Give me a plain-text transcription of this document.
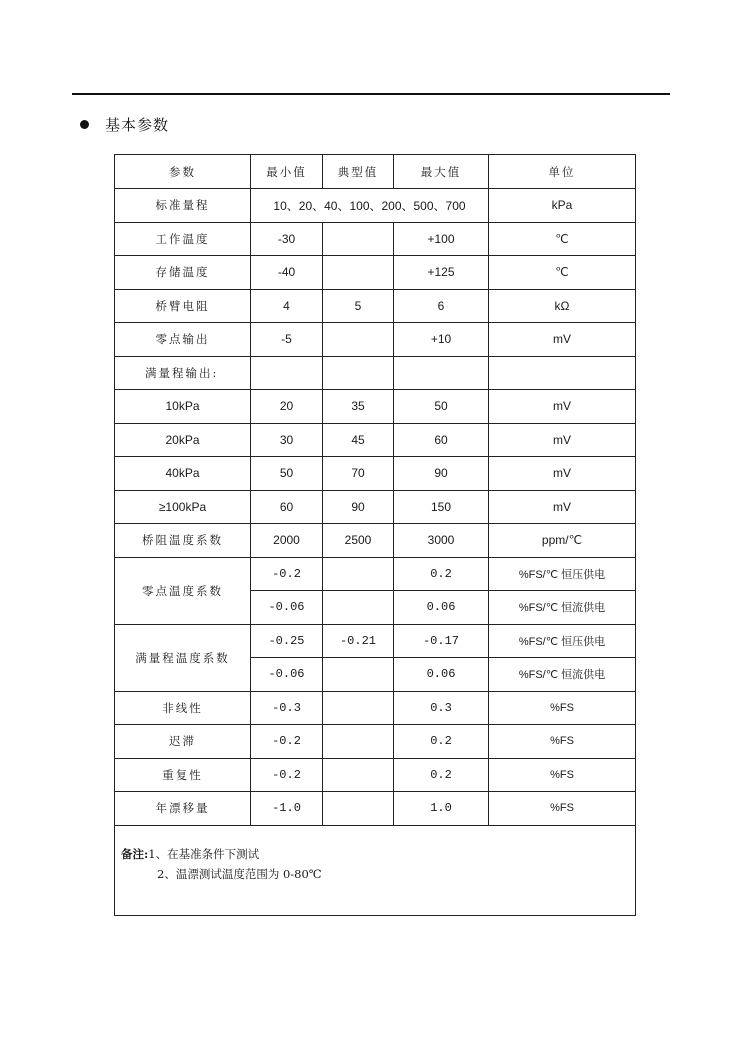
基本参数
参数	最小值	典型值	最大值	单位
标准量程	10、20、40、100、200、500、700			kPa
工作温度	-30		+100	℃
存储温度	-40		+125	℃
桥臂电阻	4	5	6	kΩ
零点输出	-5		+10	mV
满量程输出:				
10kPa	20	35	50	mV
20kPa	30	45	60	mV
40kPa	50	70	90	mV
≥100kPa	60	90	150	mV
桥阻温度系数	2000	2500	3000	ppm/℃
零点温度系数	-0.2		0.2	%FS/℃ 恒压供电
	-0.06		0.06	%FS/℃ 恒流供电
满量程温度系数	-0.25	-0.21	-0.17	%FS/℃ 恒压供电
	-0.06		0.06	%FS/℃ 恒流供电
非线性	-0.3		0.3	%FS
迟滞	-0.2		0.2	%FS
重复性	-0.2		0.2	%FS
年漂移量	-1.0		1.0	%FS

备注:1、在基准条件下测试
2、温漂测试温度范围为 0-80℃				
